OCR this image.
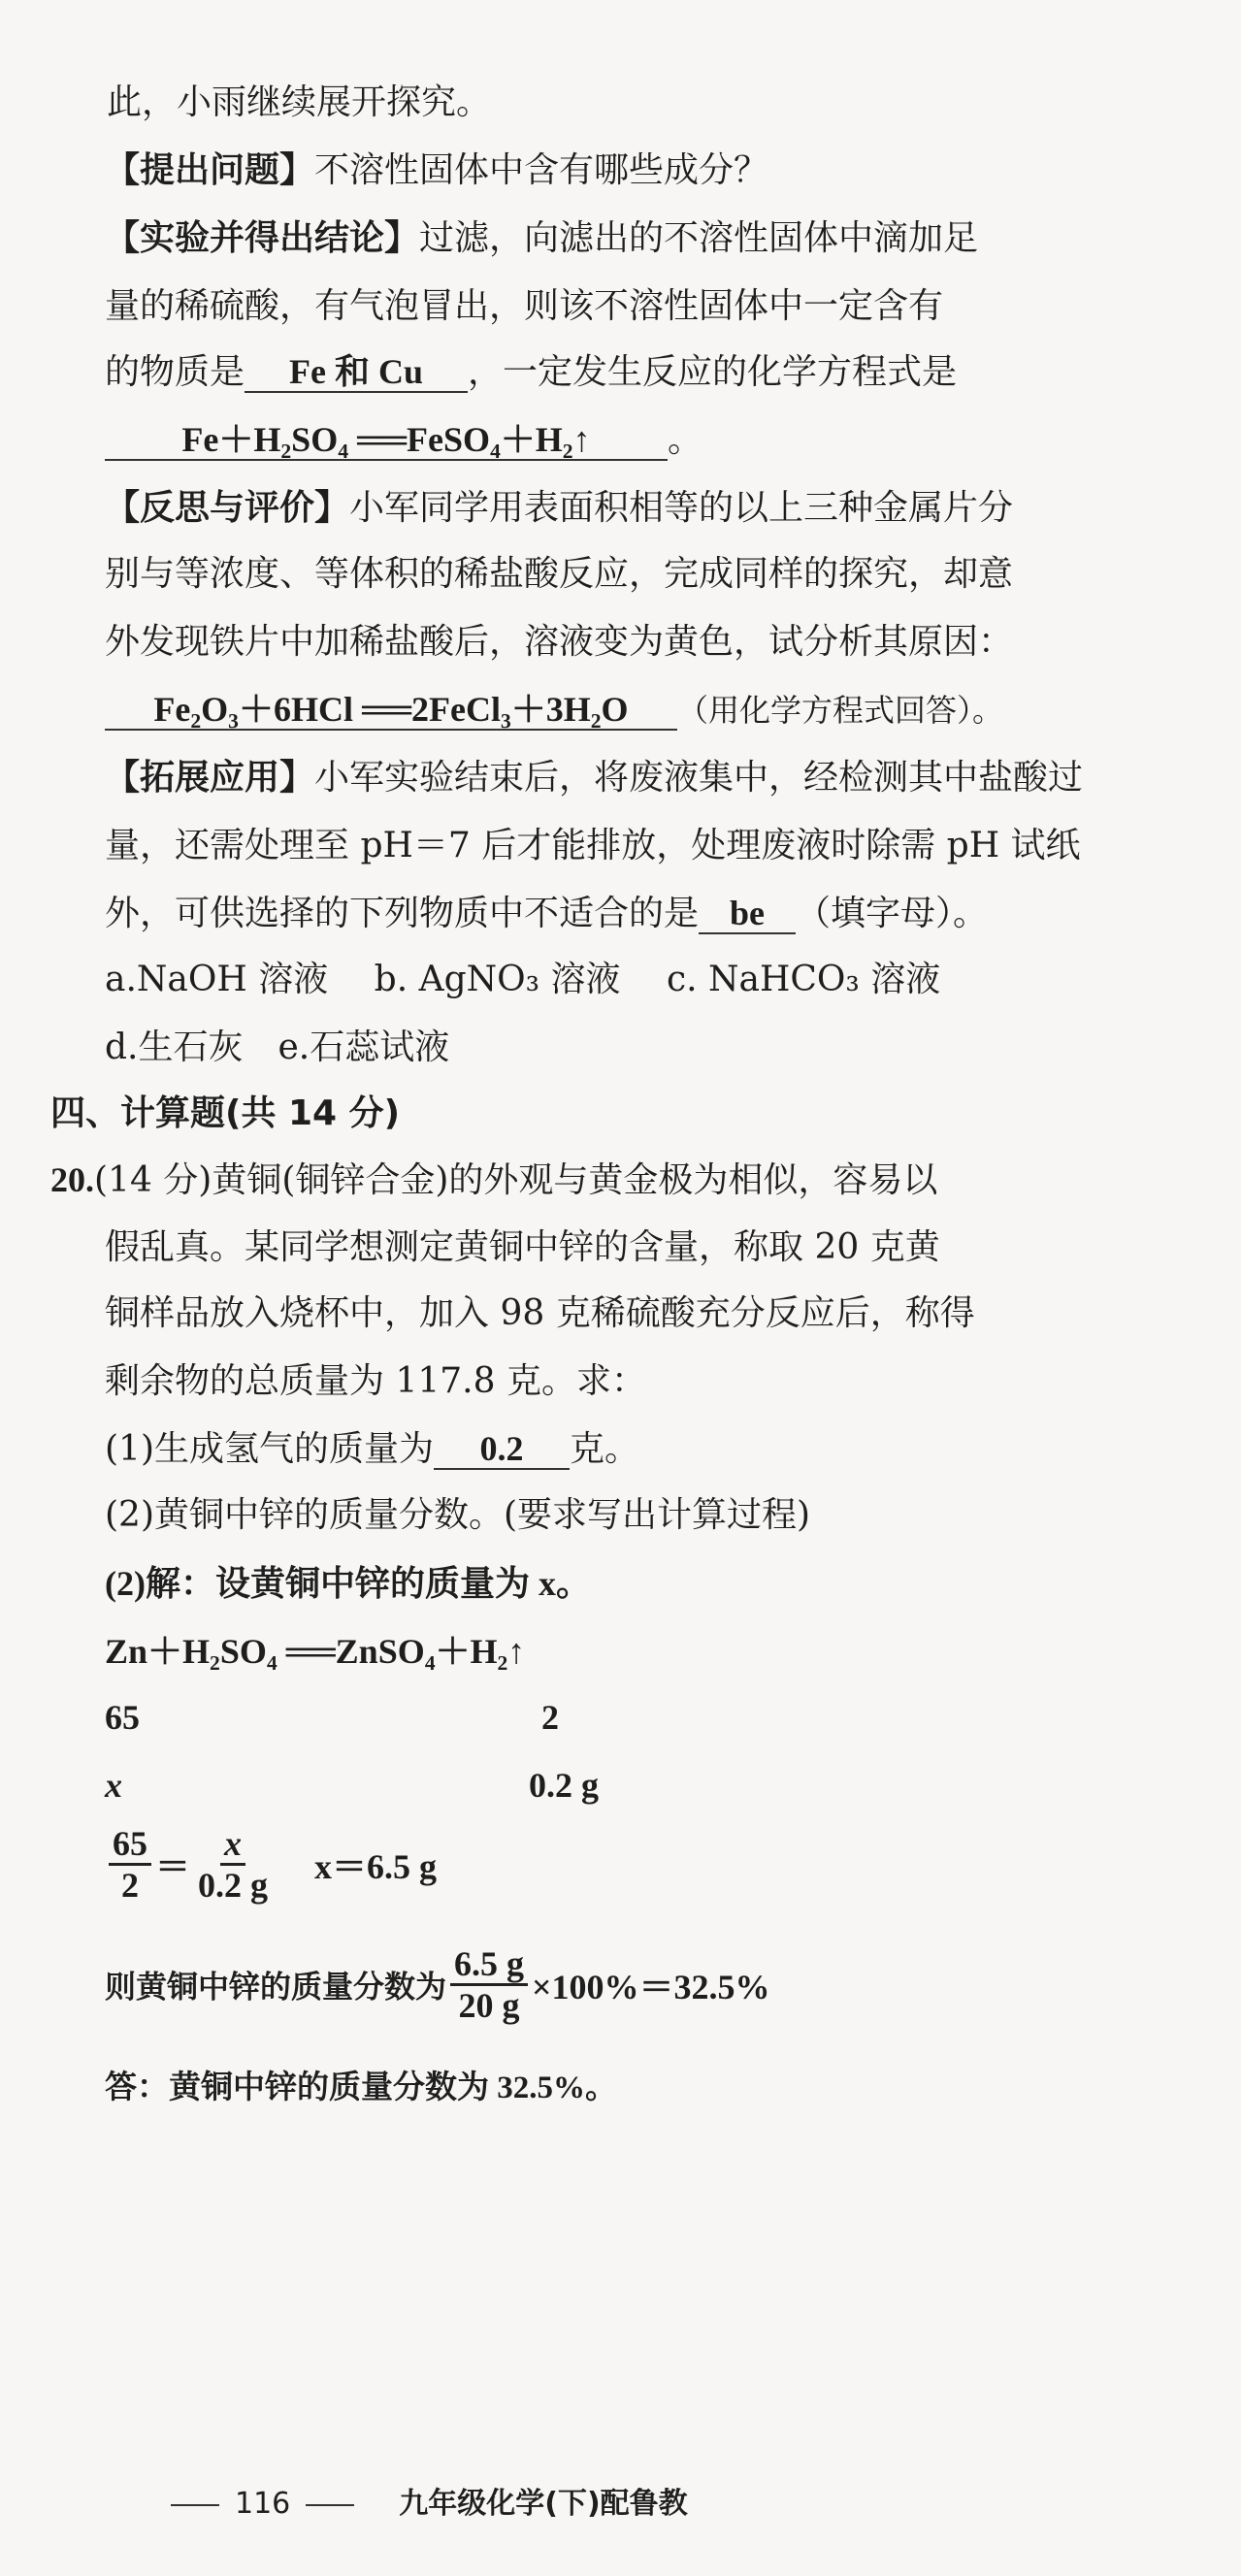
此，小雨继续展开探究。
【提出问题】不溶性固体中含有哪些成分？
【实验并得出结论】过滤，向滤出的不溶性固体中滴加足
量的稀硫酸，有气泡冒出，则该不溶性固体中一定含有
的物质是 Fe 和 Cu ，一定发生反应的化学方程式是
Fe＋H₂SO₄ ══FeSO₄＋H₂↑ 。
【反思与评价】小军同学用表面积相等的以上三种金属片分
别与等浓度、等体积的稀盐酸反应，完成同样的探究，却意
外发现铁片中加稀盐酸后，溶液变为黄色，试分析其原因：
Fe₂O₃＋6HCl ══2FeCl₃＋3H₂O （用化学方程式回答）。
【拓展应用】小军实验结束后，将废液集中，经检测其中盐酸过
量，还需处理至 pH＝7 后才能排放，处理废液时除需 pH 试纸
外，可供选择的下列物质中不适合的是 be （填字母）。
a.NaOH 溶液　 b. AgNO₃ 溶液　 c. NaHCO₃ 溶液
d.生石灰　e.石蕊试液
四、计算题(共 14 分)
20.(14 分)黄铜(铜锌合金)的外观与黄金极为相似，容易以
假乱真。某同学想测定黄铜中锌的含量，称取 20 克黄
铜样品放入烧杯中，加入 98 克稀硫酸充分反应后，称得
剩余物的总质量为 117.8 克。求：
(1)生成氢气的质量为 0.2 克。
(2)黄铜中锌的质量分数。(要求写出计算过程)
(2)解：设黄铜中锌的质量为 x。
Zn＋H₂SO₄ ══ZnSO₄＋H₂↑
65	2
x	0.2 g
$\frac{65}{2} = \frac{x}{0.2 g} x=6.5$ g
则黄铜中锌的质量分数为 $\frac{6.5 g}{20 g} \times 100\%=32.5\%$
答：黄铜中锌的质量分数为 32.5%。
116	九年级化学(下)配鲁教
